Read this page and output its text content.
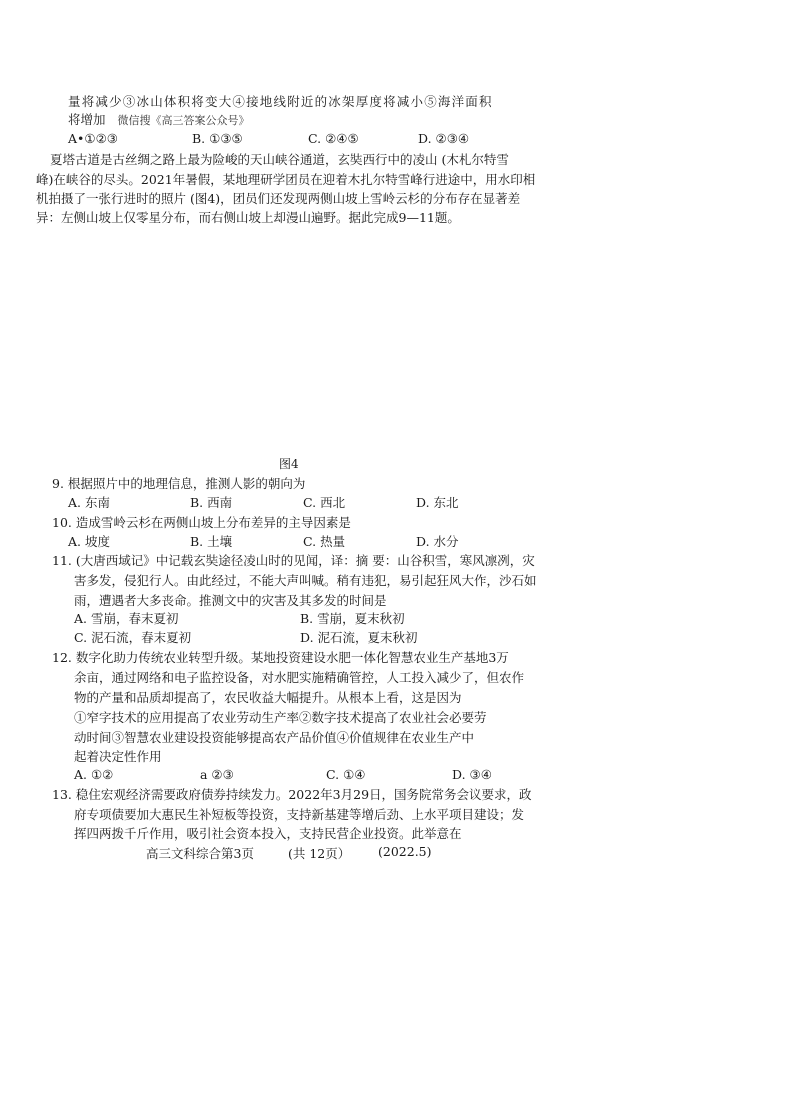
量将减少③冰山体积将变大④接地线附近的冰架厚度将减小⑤海洋面积
将增加 微信搜《高三答案公众号》
A•①②③	B. ①③⑤	C. ②④⑤	D. ②③④
夏塔古道是古丝绸之路上最为险峻的天山峡谷通道，玄奘西行中的凌山 (木札尔特雪
峰)在峡谷的尽头。2021年暑假，某地理研学团员在迎着木扎尔特雪峰行进途中，用水印相
机拍摄了一张行进时的照片 (图4)，团员们还发现两侧山坡上雪岭云杉的分布存在显著差
异：左侧山坡上仅零星分布，而右侧山坡上却漫山遍野。据此完成9—11题。
图4
9. 根据照片中的地理信息，推测人影的朝向为
A. 东南	B. 西南	C. 西北	D. 东北
10. 造成雪岭云杉在两侧山坡上分布差异的主导因素是
A. 坡度	B. 土壤	C. 热量	D. 水分
11. (大唐西域记》中记载玄奘途径凌山时的见闻，译：摘 要：山谷积雪，寒风凛冽，灾
害多发，侵犯行人。由此经过，不能大声叫喊。稍有违犯，易引起狂风大作，沙石如
雨，遭遇者大多丧命。推测文中的灾害及其多发的时间是
A. 雪崩，春末夏初	B. 雪崩，夏末秋初
C. 泥石流，春末夏初	D. 泥石流，夏末秋初
12. 数字化助力传统农业转型升级。某地投资建设水肥一体化智慧农业生产基地3万
余亩，通过网络和电子监控设备，对水肥实施精确管控，人工投入减少了，但农作
物的产量和品质却提高了，农民收益大幅提升。从根本上看，这是因为
①窄字技术的应用提高了农业劳动生产率②数字技术提高了农业社会必要劳
动时间③智慧农业建设投资能够提高农产品价值④价值规律在农业生产中
起着决定性作用
A. ①②	a ②③	C. ①④	D. ③④
13. 稳住宏观经济需要政府债券持续发力。2022年3月29日，国务院常务会议要求，政
府专项债要加大惠民生补短板等投资，支持新基建等增后劲、上水平项目建设；发
挥四两拨千斤作用，吸引社会资本投入，支持民营企业投资。此举意在
高三文科综合第3页	(共 12页） (2022.5)
